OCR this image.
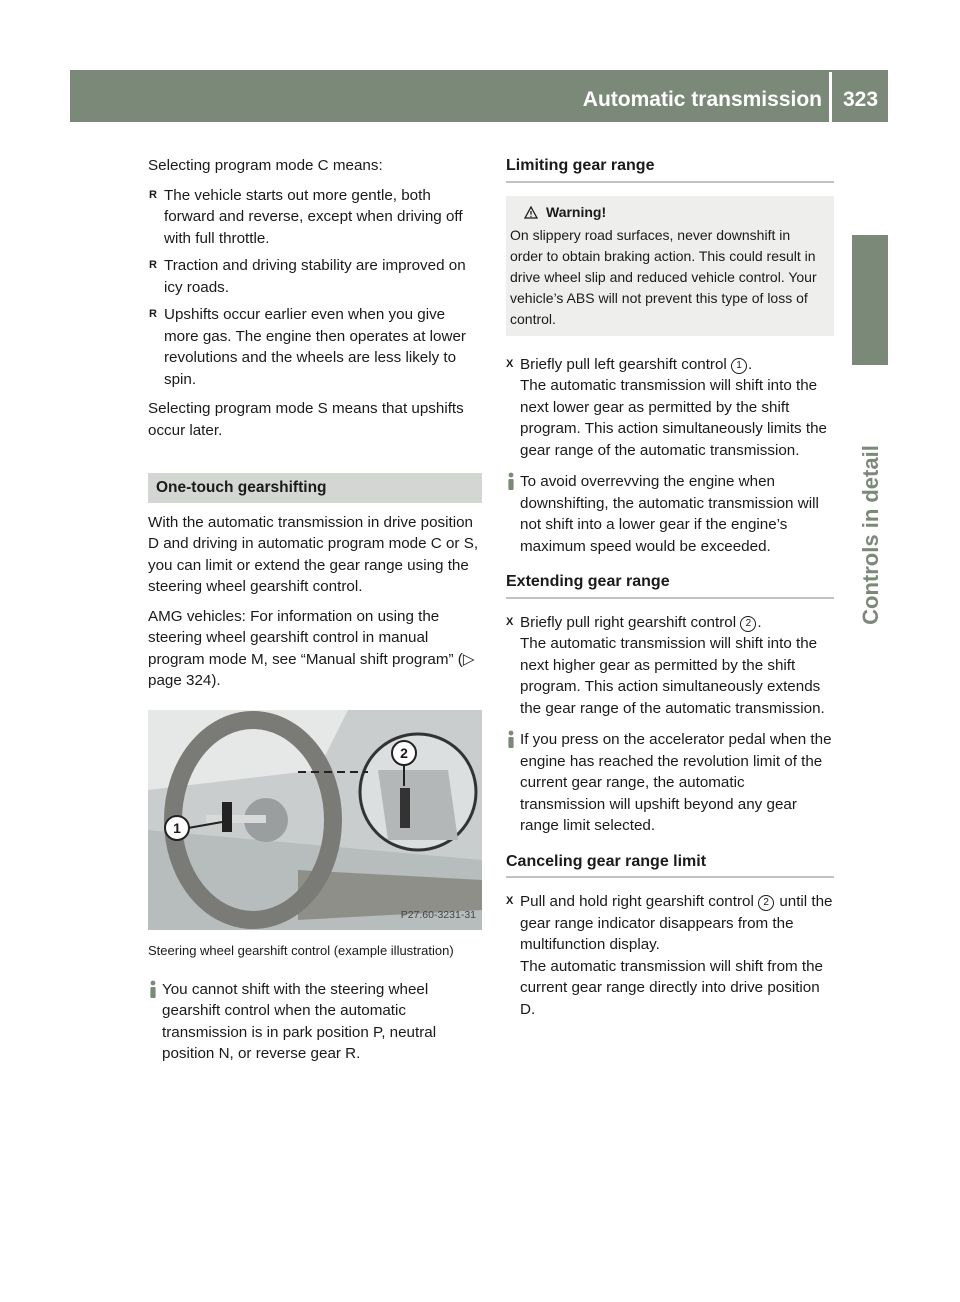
Automatic transmission 323
Controls in detail

Selecting program mode C means:

R The vehicle starts out more gentle, both forward and reverse, except when driving off with full throttle.
R Traction and driving stability are improved on icy roads.
R Upshifts occur earlier even when you give more gas. The engine then operates at lower revolutions and the wheels are less likely to spin.

Selecting program mode S means that upshifts occur later.

One-touch gearshifting

With the automatic transmission in drive position D and driving in automatic program mode C or S, you can limit or extend the gear range using the steering wheel gearshift control.

AMG vehicles: For information on using the steering wheel gearshift control in manual program mode M, see “Manual shift program” (▷ page 324).

1
2
P27.60-3231-31

Steering wheel gearshift control (example illustration)

You cannot shift with the steering wheel gearshift control when the automatic transmission is in park position P, neutral position N, or reverse gear R.
Limiting gear range
Warning!
On slippery road surfaces, never downshift in order to obtain braking action. This could result in drive wheel slip and reduced vehicle control. Your vehicle’s ABS will not prevent this type of loss of control.
X Briefly pull left gearshift control 1 .
The automatic transmission will shift into the next lower gear as permitted by the shift program. This action simultaneously limits the gear range of the automatic transmission.
To avoid overrevving the engine when downshifting, the automatic transmission will not shift into a lower gear if the engine’s maximum speed would be exceeded.
Extending gear range
X Briefly pull right gearshift control 2 .
The automatic transmission will shift into the next higher gear as permitted by the shift program. This action simultaneously extends the gear range of the automatic transmission.
If you press on the accelerator pedal when the engine has reached the revolution limit of the current gear range, the automatic transmission will upshift beyond any gear range limit selected.
Canceling gear range limit
X Pull and hold right gearshift control 2 until the gear range indicator disappears from the multifunction display.
The automatic transmission will shift from the current gear range directly into drive position D.
